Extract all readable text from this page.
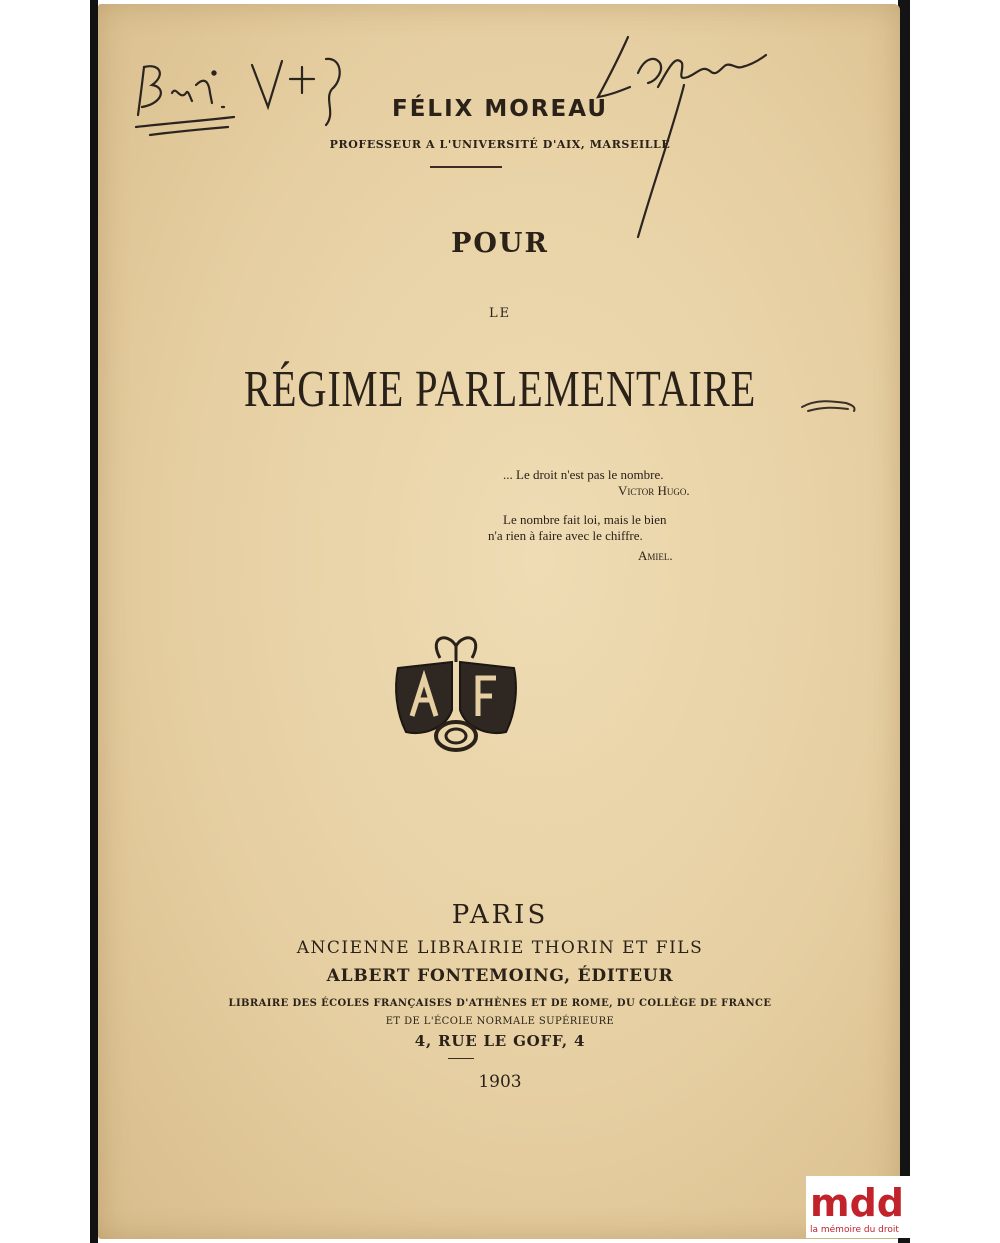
FÉLIX MOREAU
PROFESSEUR A L'UNIVERSITÉ D'AIX, MARSEILLE
POUR
LE
RÉGIME PARLEMENTAIRE
... Le droit n'est pas le nombre.
Victor Hugo.
Le nombre fait loi, mais le bien
n'a rien à faire avec le chiffre.
Amiel.
PARIS
ANCIENNE LIBRAIRIE THORIN ET FILS
ALBERT FONTEMOING, ÉDITEUR
LIBRAIRE DES ÉCOLES FRANÇAISES D'ATHÈNES ET DE ROME, DU COLLÈGE DE FRANCE
ET DE L'ÉCOLE NORMALE SUPÉRIEURE
4, RUE LE GOFF, 4
1903
mdd
la mémoire du droit
